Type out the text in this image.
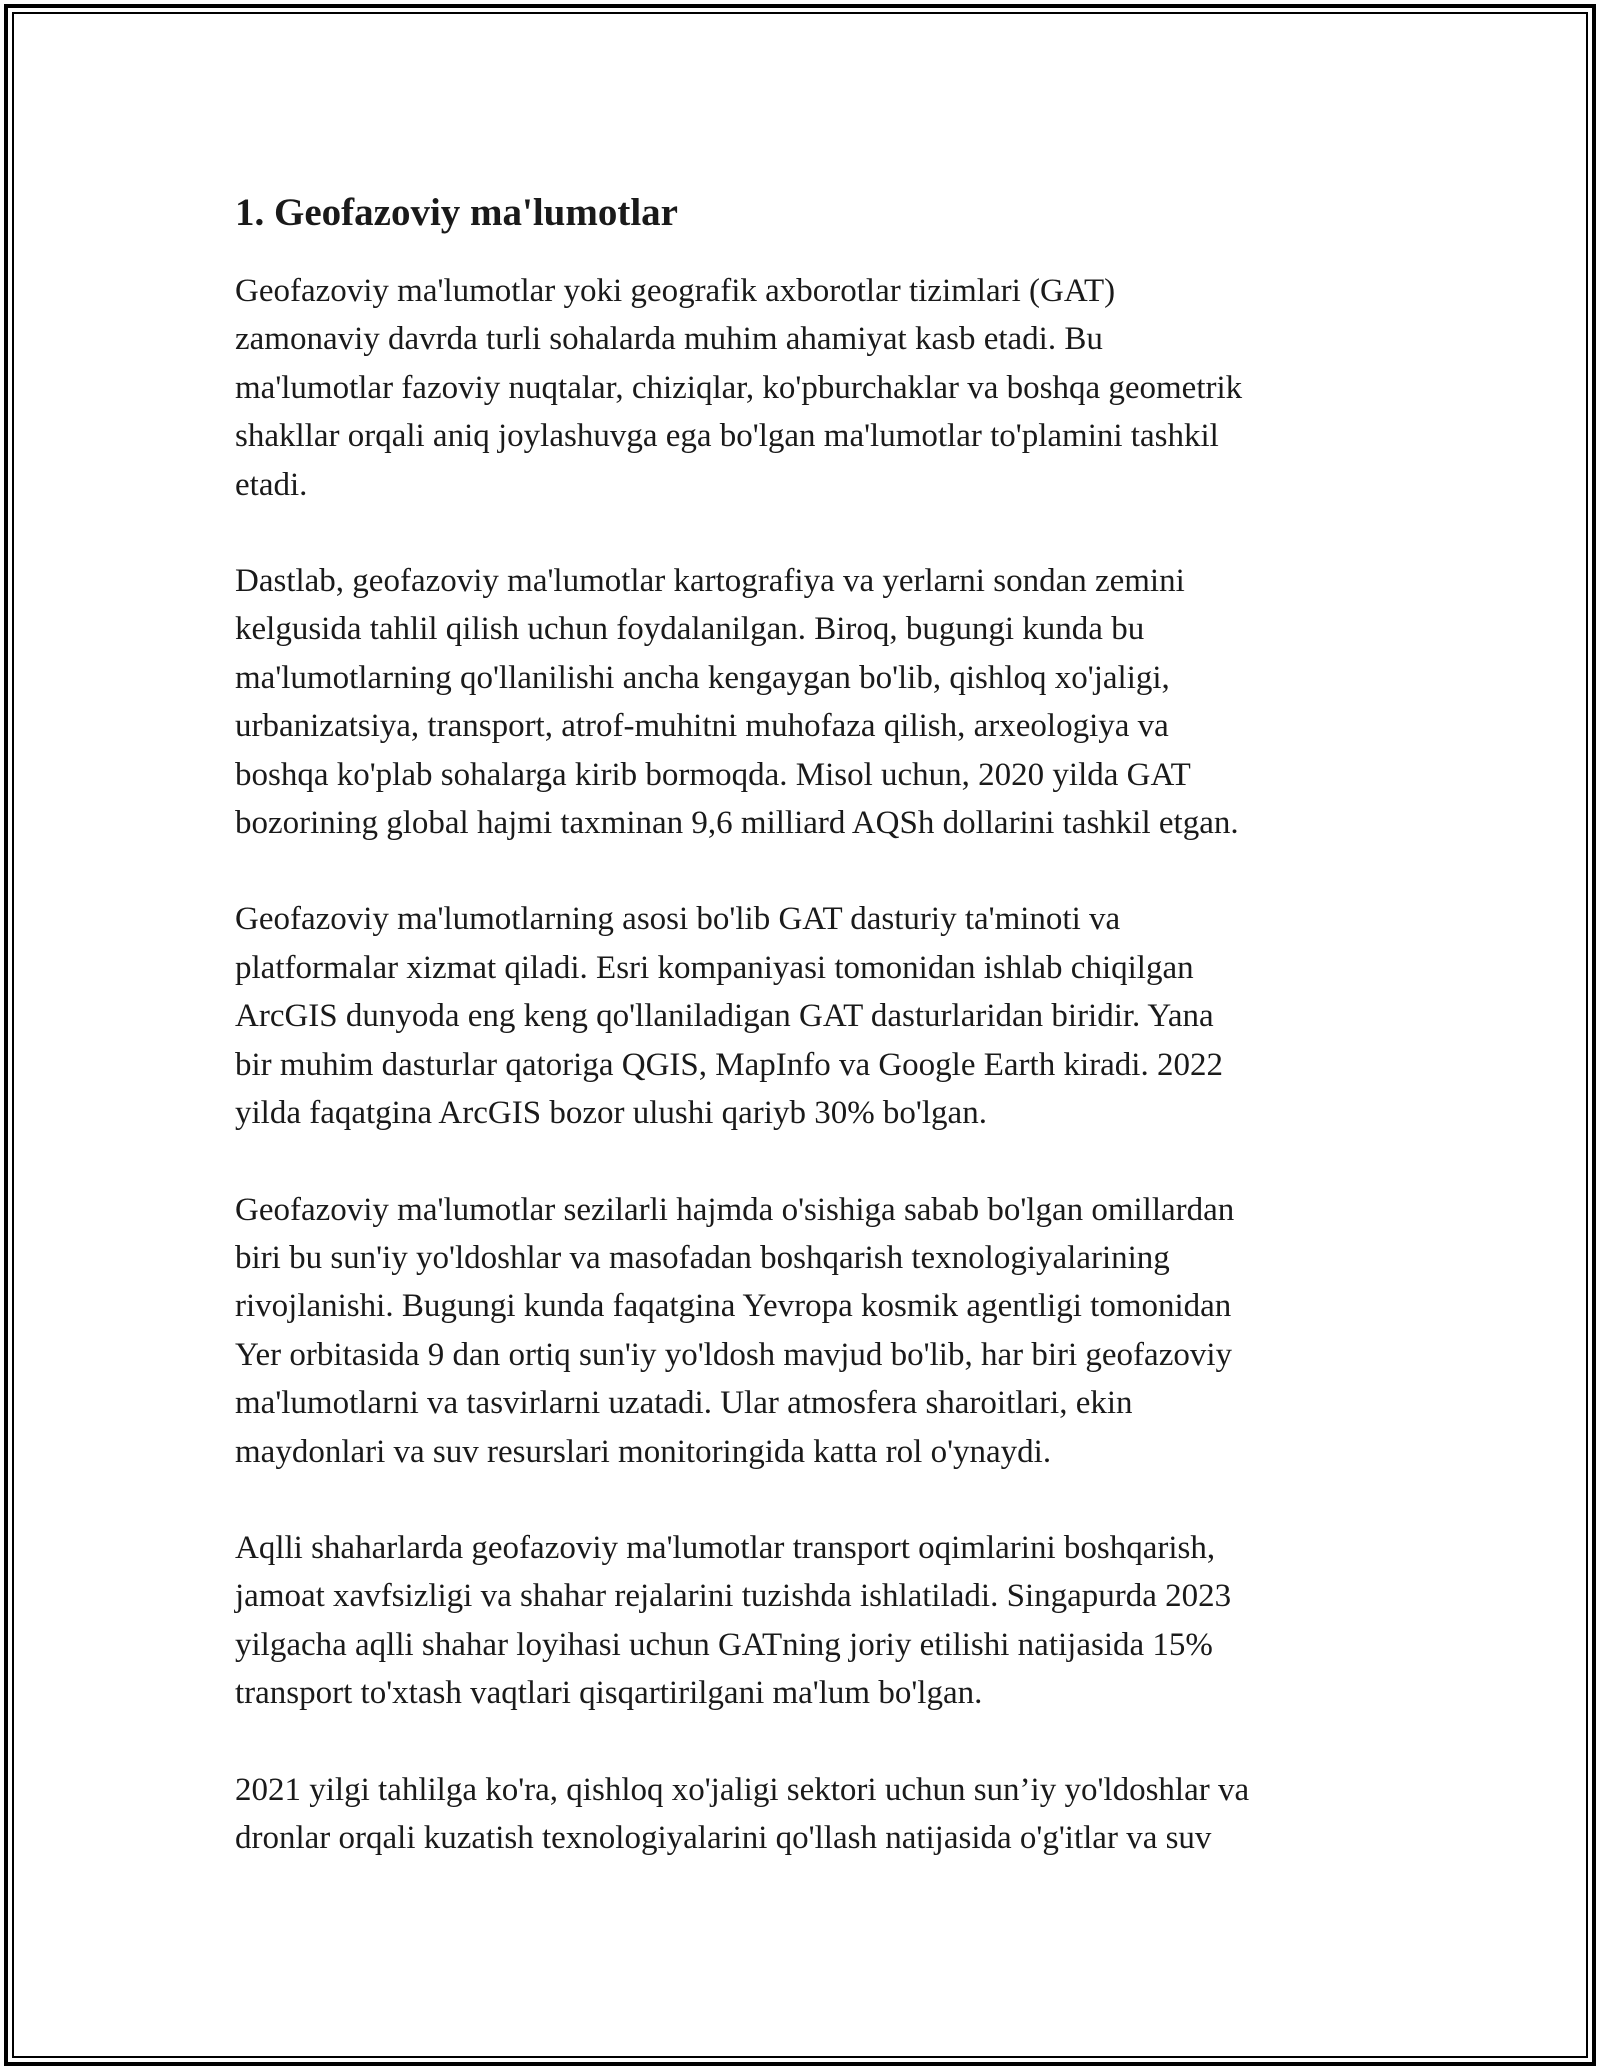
1. Geofazoviy ma'lumotlar

Geofazoviy ma'lumotlar yoki geografik axborotlar tizimlari (GAT)
zamonaviy davrda turli sohalarda muhim ahamiyat kasb etadi. Bu
ma'lumotlar fazoviy nuqtalar, chiziqlar, ko'pburchaklar va boshqa geometrik
shakllar orqali aniq joylashuvga ega bo'lgan ma'lumotlar to'plamini tashkil
etadi.

Dastlab, geofazoviy ma'lumotlar kartografiya va yerlarni sondan zemini
kelgusida tahlil qilish uchun foydalanilgan. Biroq, bugungi kunda bu
ma'lumotlarning qo'llanilishi ancha kengaygan bo'lib, qishloq xo'jaligi,
urbanizatsiya, transport, atrof-muhitni muhofaza qilish, arxeologiya va
boshqa ko'plab sohalarga kirib bormoqda. Misol uchun, 2020 yilda GAT
bozorining global hajmi taxminan 9,6 milliard AQSh dollarini tashkil etgan.

Geofazoviy ma'lumotlarning asosi bo'lib GAT dasturiy ta'minoti va
platformalar xizmat qiladi. Esri kompaniyasi tomonidan ishlab chiqilgan
ArcGIS dunyoda eng keng qo'llaniladigan GAT dasturlaridan biridir. Yana
bir muhim dasturlar qatoriga QGIS, MapInfo va Google Earth kiradi. 2022
yilda faqatgina ArcGIS bozor ulushi qariyb 30% bo'lgan.

Geofazoviy ma'lumotlar sezilarli hajmda o'sishiga sabab bo'lgan omillardan
biri bu sun'iy yo'ldoshlar va masofadan boshqarish texnologiyalarining
rivojlanishi. Bugungi kunda faqatgina Yevropa kosmik agentligi tomonidan
Yer orbitasida 9 dan ortiq sun'iy yo'ldosh mavjud bo'lib, har biri geofazoviy
ma'lumotlarni va tasvirlarni uzatadi. Ular atmosfera sharoitlari, ekin
maydonlari va suv resurslari monitoringida katta rol o'ynaydi.

Aqlli shaharlarda geofazoviy ma'lumotlar transport oqimlarini boshqarish,
jamoat xavfsizligi va shahar rejalarini tuzishda ishlatiladi. Singapurda 2023
yilgacha aqlli shahar loyihasi uchun GATning joriy etilishi natijasida 15%
transport to'xtash vaqtlari qisqartirilgani ma'lum bo'lgan.

2021 yilgi tahlilga ko'ra, qishloq xo'jaligi sektori uchun sun’iy yo'ldoshlar va
dronlar orqali kuzatish texnologiyalarini qo'llash natijasida o'g'itlar va suv
